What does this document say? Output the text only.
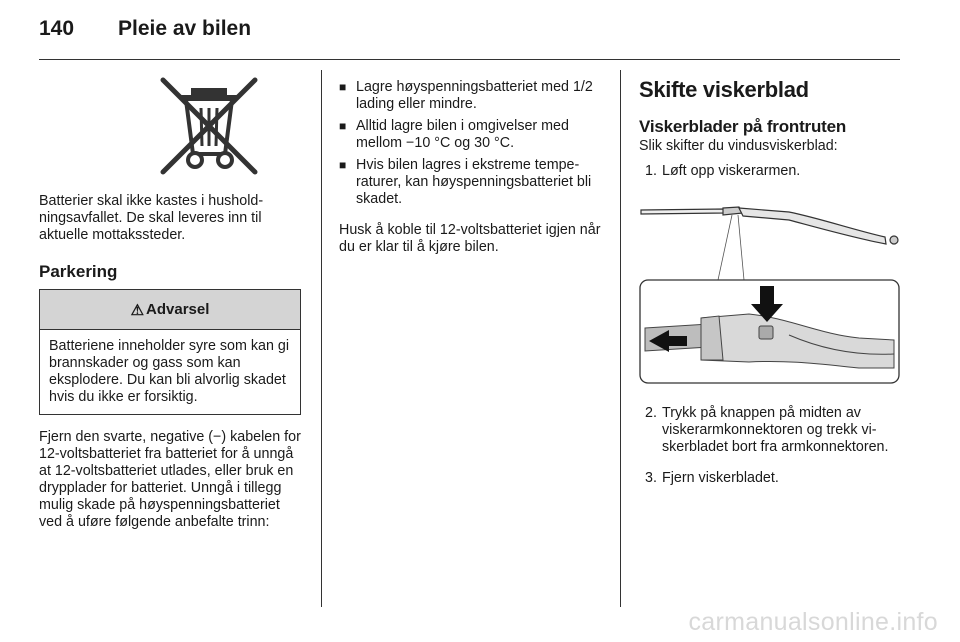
140 Pleie av bilen

Batterier skal ikke kastes i husholdningsavfallet. De skal leveres inn til aktuelle mottakssteder.

Parkering
⚠ Advarsel
Batteriene inneholder syre som kan gi brannskader og gass som kan eksplodere. Du kan bli alvorlig skadet hvis du ikke er forsiktig.

Fjern den svarte, negative (−) kabelen for 12-voltsbatteriet fra batteriet for å unngå at 12-voltsbatteriet utlades, eller bruk en drypplader for batteriet. Unngå i tillegg mulig skade på høyspenningsbatteriet ved å uføre følgende anbefalte trinn:

■ Lagre høyspenningsbatteriet med 1/2 lading eller mindre.
■ Alltid lagre bilen i omgivelser med mellom −10 °C og 30 °C.
■ Hvis bilen lagres i ekstreme temperaturer, kan høyspenningsbatteriet bli skadet.

Husk å koble til 12-voltsbatteriet igjen når du er klar til å kjøre bilen.

Skifte viskerblad
Viskerblader på frontruten

Slik skifter du vindusviskerblad:

1. Løft opp viskerarmen.
2. Trykk på knappen på midten av viskerarmkonnektoren og trekk viskerbladet bort fra armkonnektoren.
3. Fjern viskerbladet.
carmanualsonline.info
